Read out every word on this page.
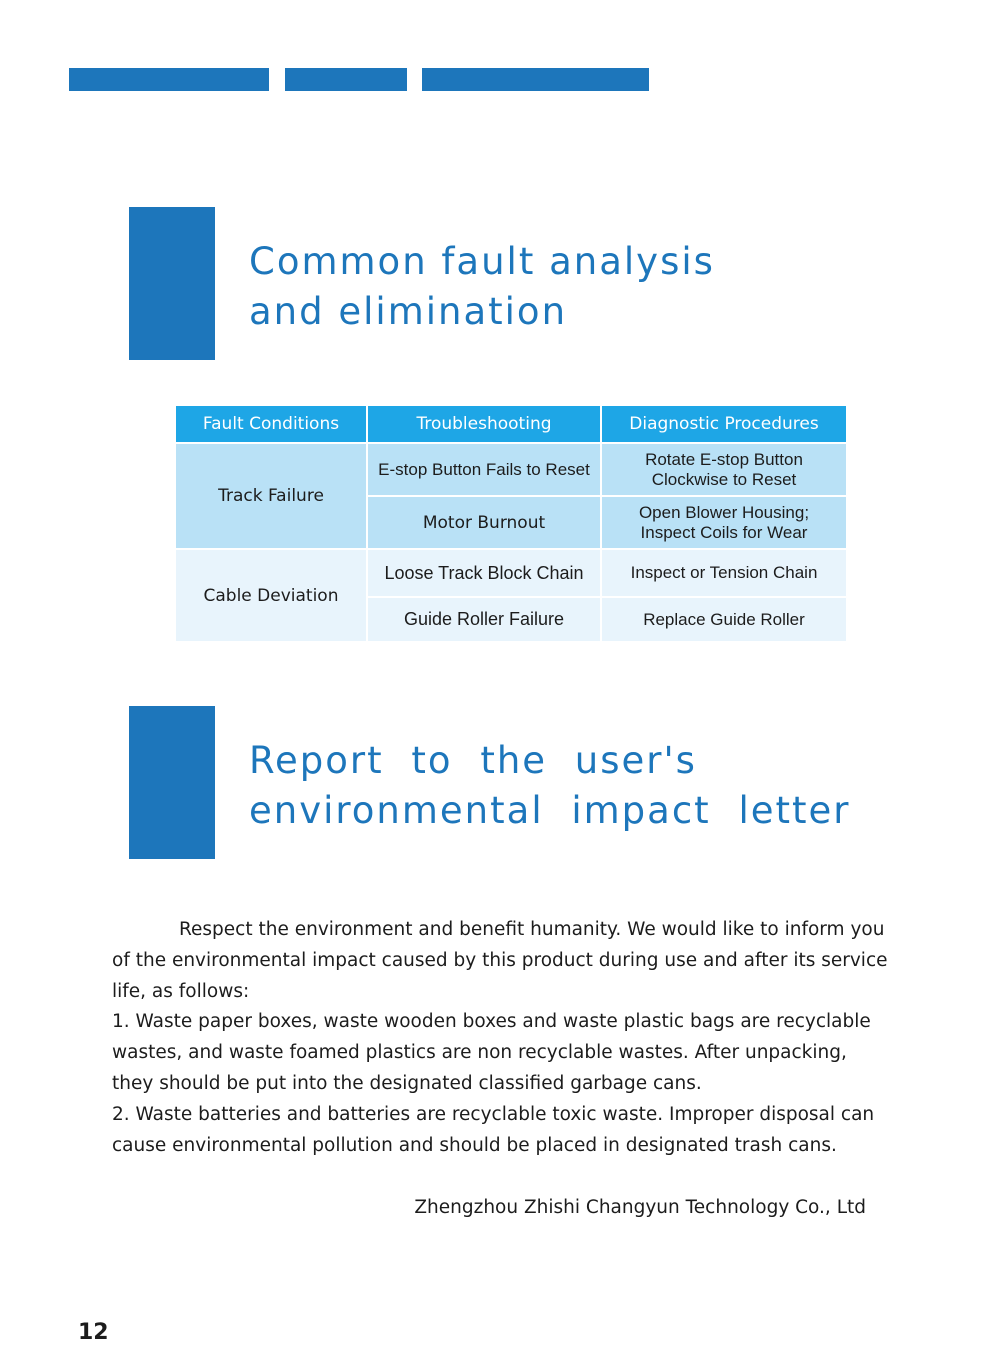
Common fault analysis
and elimination
Fault Conditions	Troubleshooting	Diagnostic Procedures
Track Failure	E-stop Button Fails to Reset	Rotate E-stop Button
Clockwise to Reset

	Motor Burnout	Open Blower Housing;
Inspect Coils for Wear

Cable Deviation	Loose Track Block Chain	Inspect or Tension Chain

	Guide Roller Failure	Replace Guide Roller
Report to the user's
environmental impact letter

Respect the environment and benefit humanity. We would like to inform you of the environmental impact caused by this product during use and after its service life, as follows:

1. Waste paper boxes, waste wooden boxes and waste plastic bags are recyclable wastes, and waste foamed plastics are non recyclable wastes. After unpacking, they should be put into the designated classified garbage cans.

2. Waste batteries and batteries are recyclable toxic waste. Improper disposal can cause environmental pollution and should be placed in designated trash cans.

Zhengzhou Zhishi Changyun Technology Co., Ltd
12
